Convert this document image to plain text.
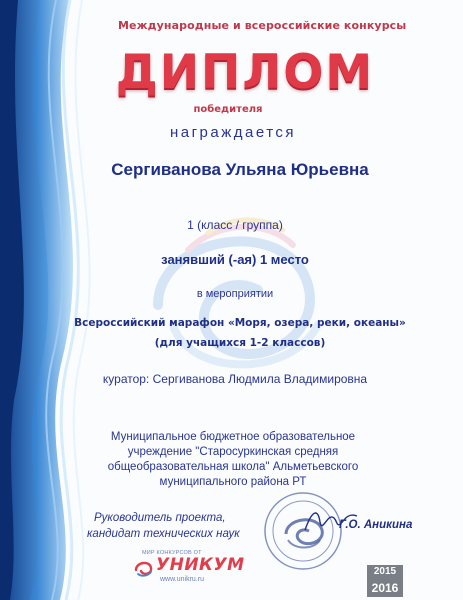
Международные и всероссийские конкурсы
ДИПЛОМ
победителя
награждается
Сергиванова Ульяна Юрьевна
1 (класс / группа)
занявший (-ая) 1 место
в мероприятии
Всероссийский марафон «Моря, озера, реки, океаны»
(для учащихся 1-2 классов)
куратор: Сергиванова Людмила Владимировна
Муниципальное бюджетное образовательное
учреждение "Старосуркинская средняя
общеобразовательная школа" Альметьевского
муниципального района РТ
Руководитель проекта,
кандидат технических наук
Г.О. Аникина
МИР КОНКУРСОВ ОТ
УНИКУМ
www.unikru.ru
2015
2016
